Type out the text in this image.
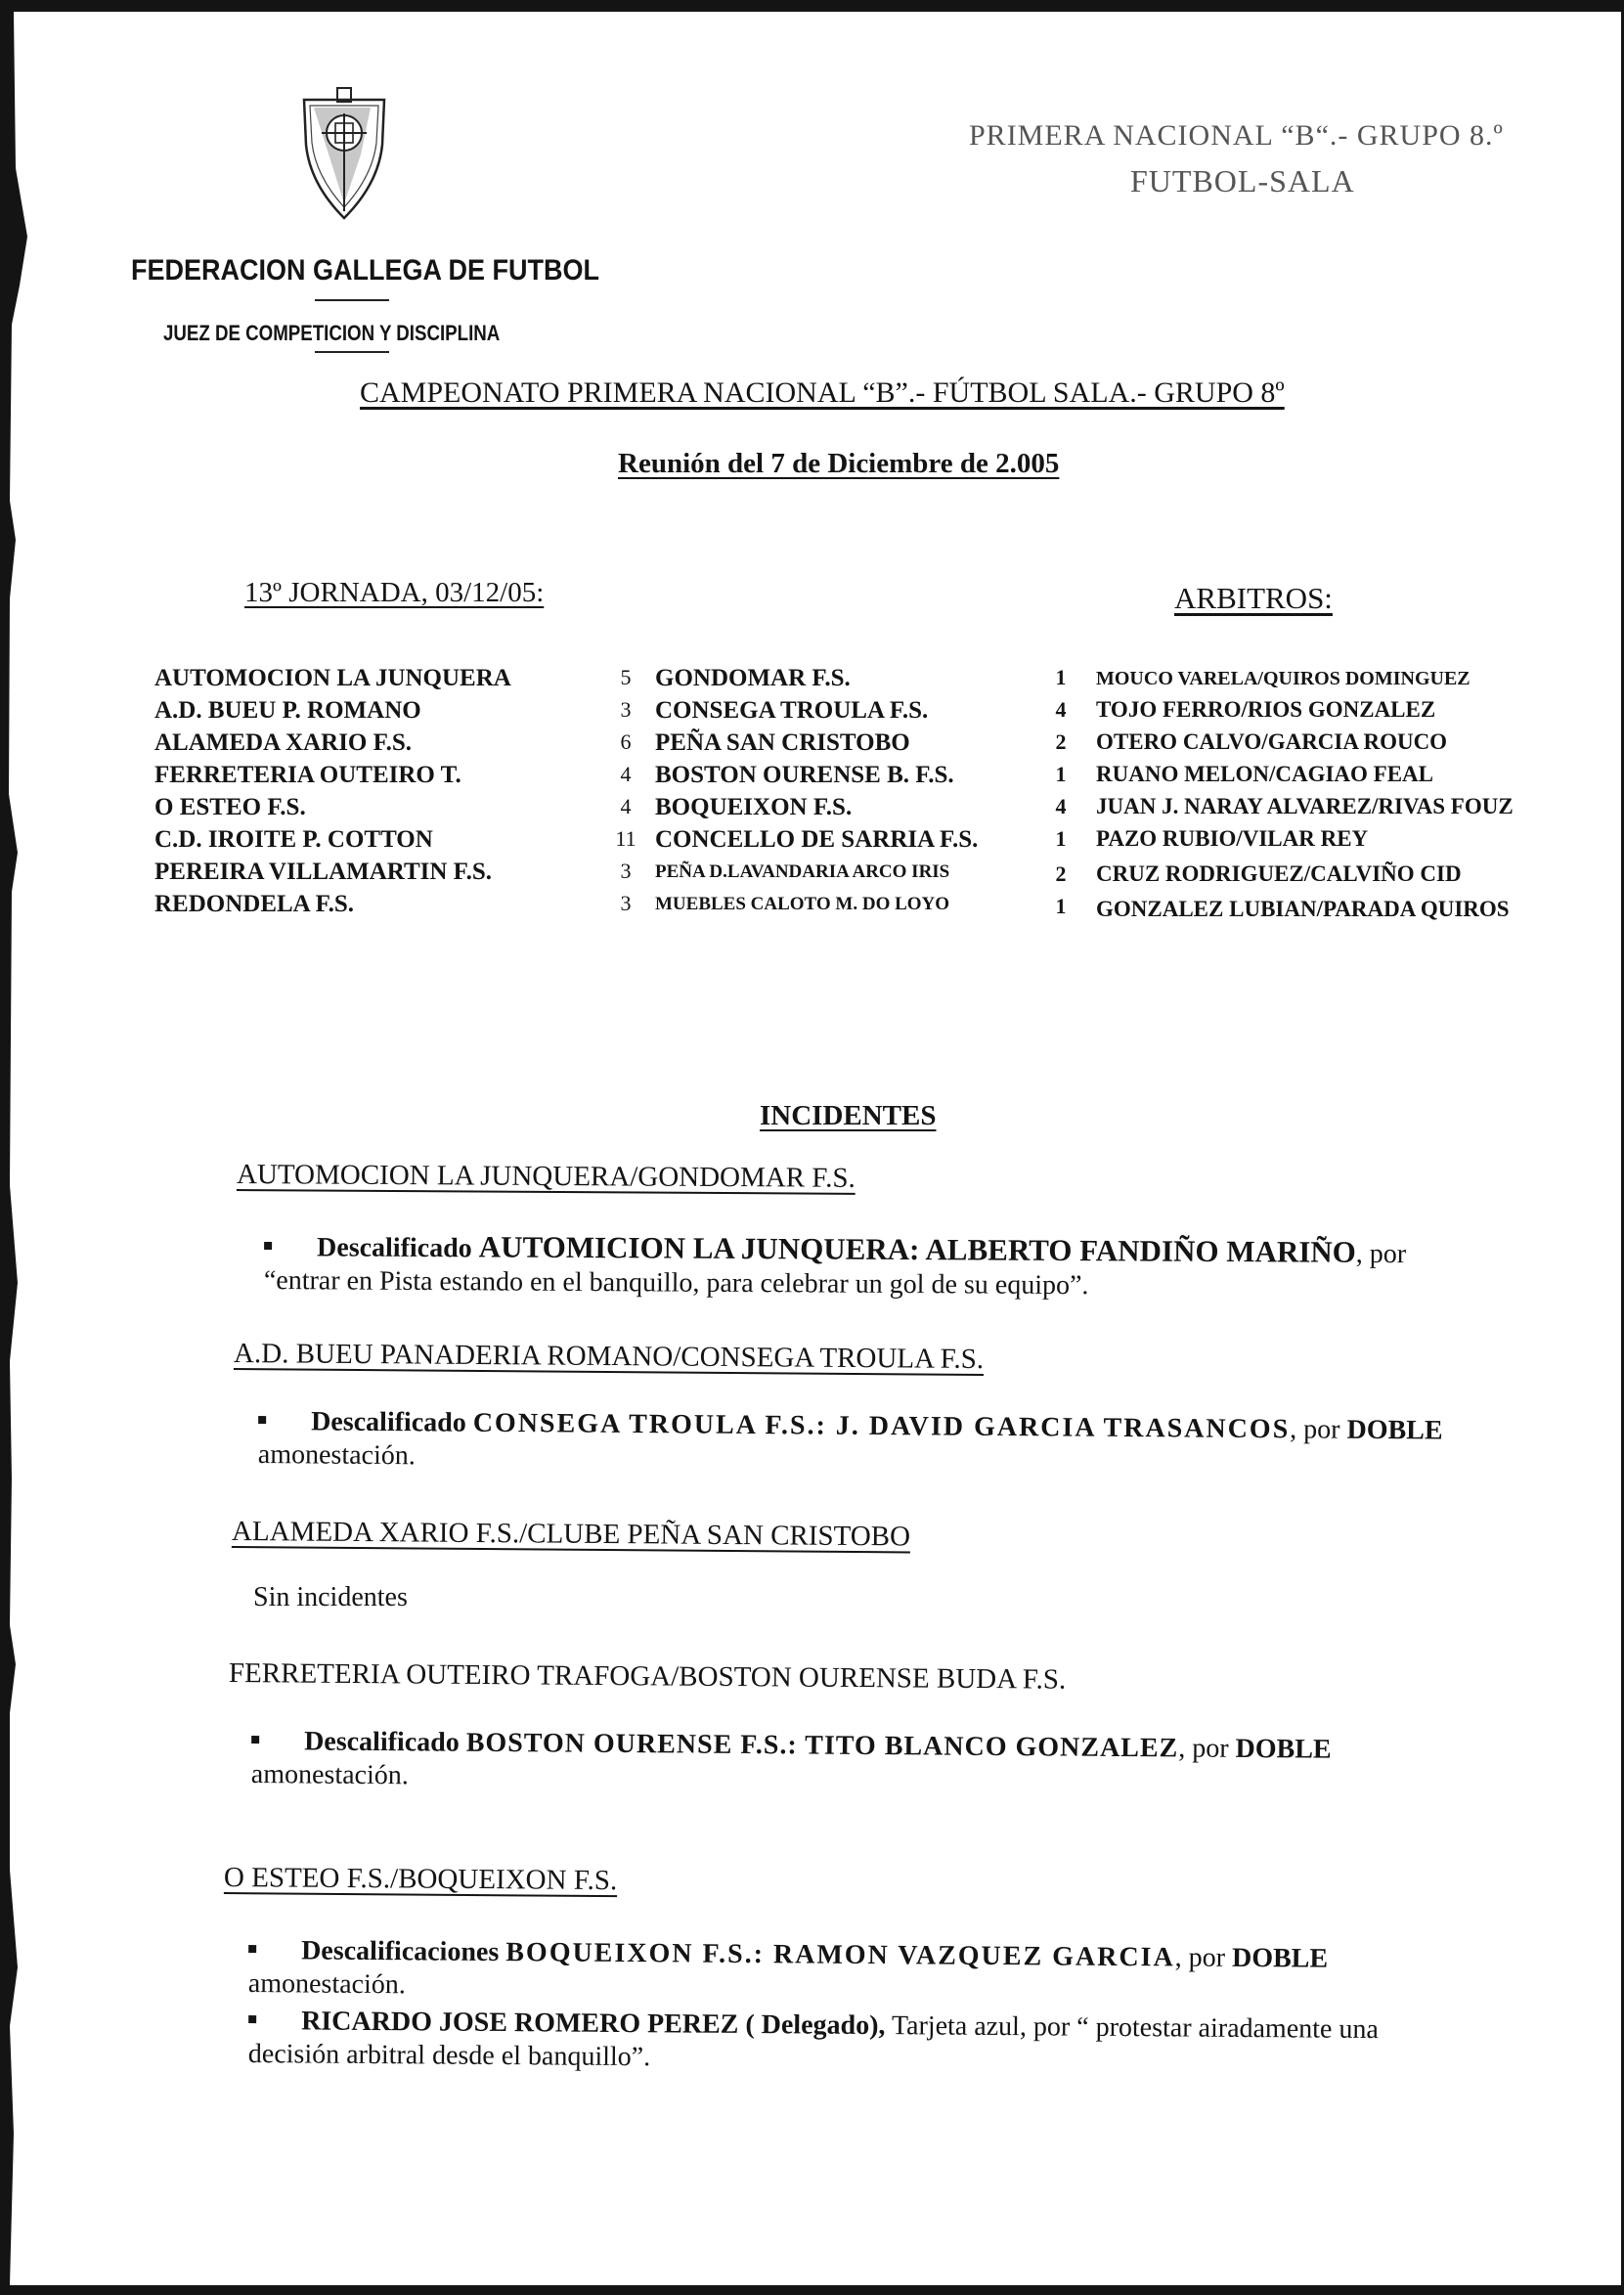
FEDERACION GALLEGA DE FUTBOL
JUEZ DE COMPETICION Y DISCIPLINA
PRIMERA NACIONAL “B“.- GRUPO 8.º
FUTBOL-SALA
CAMPEONATO PRIMERA NACIONAL “B”.- FÚTBOL SALA.- GRUPO 8º
Reunión del 7 de Diciembre de 2.005
13º JORNADA, 03/12/05:	ARBITROS:
AUTOMOCION LA JUNQUERA	5 GONDOMAR F.S.	1	MOUCO VARELA/QUIROS DOMINGUEZ
A.D. BUEU P. ROMANO	3 CONSEGA TROULA F.S.	4	TOJO FERRO/RIOS GONZALEZ
ALAMEDA XARIO F.S.	6 PEÑA SAN CRISTOBO	2	OTERO CALVO/GARCIA ROUCO
FERRETERIA OUTEIRO T.	4 BOSTON OURENSE B. F.S.	1	RUANO MELON/CAGIAO FEAL
O ESTEO F.S.	4 BOQUEIXON F.S.	4	JUAN J. NARAY ALVAREZ/RIVAS FOUZ
C.D. IROITE P. COTTON	11 CONCELLO DE SARRIA F.S.	1	PAZO RUBIO/VILAR REY
PEREIRA VILLAMARTIN F.S.	3	PEÑA D.LAVANDARIA ARCO IRIS	2	CRUZ RODRIGUEZ/CALVIÑO CID
REDONDELA F.S.	3	MUEBLES CALOTO M. DO LOYO	1	GONZALEZ LUBIAN/PARADA QUIROS
INCIDENTES
AUTOMOCION LA JUNQUERA/GONDOMAR F.S.
Descalificado AUTOMICION LA JUNQUERA: ALBERTO FANDIÑO MARIÑO, por “entrar en Pista estando en el banquillo, para celebrar un gol de su equipo”.
A.D. BUEU PANADERIA ROMANO/CONSEGA TROULA F.S.
Descalificado CONSEGA TROULA F.S.: J. DAVID GARCIA TRASANCOS, por DOBLE amonestación.
ALAMEDA XARIO F.S./CLUBE PEÑA SAN CRISTOBO
Sin incidentes
FERRETERIA OUTEIRO TRAFOGA/BOSTON OURENSE BUDA F.S.
Descalificado BOSTON OURENSE F.S.: TITO BLANCO GONZALEZ, por DOBLE amonestación.
O ESTEO F.S./BOQUEIXON F.S.
Descalificaciones BOQUEIXON F.S.: RAMON VAZQUEZ GARCIA, por DOBLE amonestación.
RICARDO JOSE ROMERO PEREZ ( Delegado), Tarjeta azul, por “ protestar airadamente una decisión arbitral desde el banquillo”.
